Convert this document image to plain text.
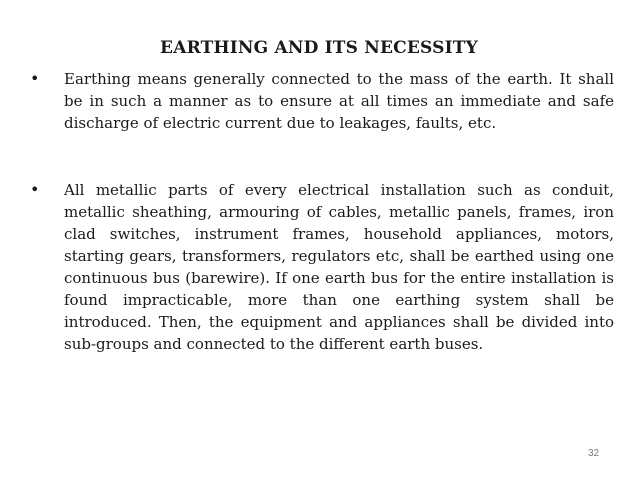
EARTHING AND ITS NECESSITY
• Earthing means generally connected to the mass of the earth. It shall be in such a manner as to ensure at all times an immediate and safe discharge of electric current due to leakages, faults, etc.

• All metallic parts of every electrical installation such as conduit, metallic sheathing, armouring of cables, metallic panels, frames, iron clad switches, instrument frames, household appliances, motors, starting gears, transformers, regulators etc, shall be earthed using one continuous bus (barewire). If one earth bus for the entire installation is found impracticable, more than one earthing system shall be introduced. Then, the equipment and appliances shall be divided into sub-groups and connected to the different earth buses.

32
